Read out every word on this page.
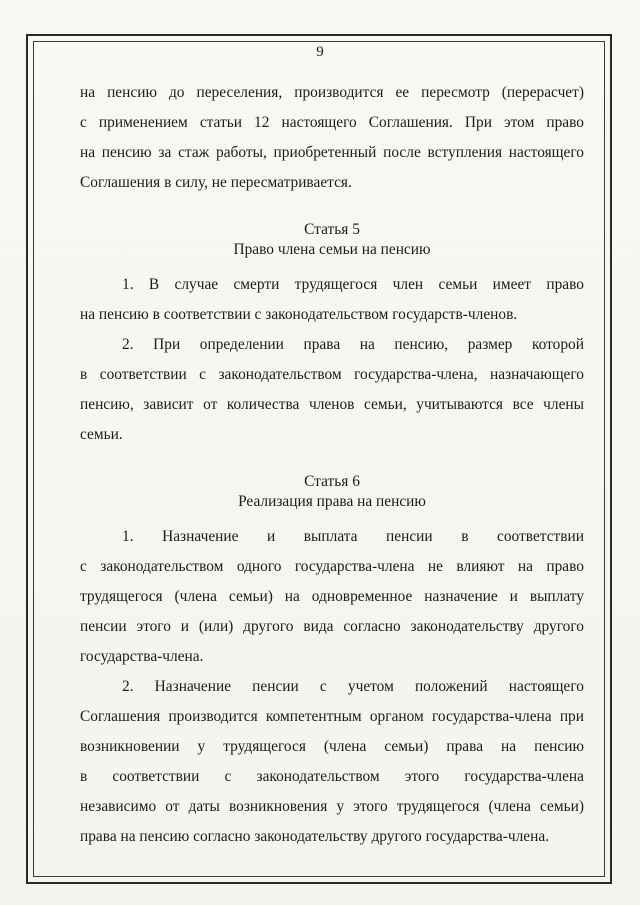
9
на пенсию до переселения, производится ее пересмотр (перерасчет)
с применением статьи 12 настоящего Соглашения. При этом право
на пенсию за стаж работы, приобретенный после вступления настоящего
Соглашения в силу, не пересматривается.
Статья 5
Право члена семьи на пенсию
1. В случае смерти трудящегося член семьи имеет право
на пенсию в соответствии с законодательством государств-членов.
2. При определении права на пенсию, размер которой
в соответствии с законодательством государства-члена, назначающего
пенсию, зависит от количества членов семьи, учитываются все члены
семьи.
Статья 6
Реализация права на пенсию
1. Назначение и выплата пенсии в соответствии
с законодательством одного государства-члена не влияют на право
трудящегося (члена семьи) на одновременное назначение и выплату
пенсии этого и (или) другого вида согласно законодательству другого
государства-члена.
2. Назначение пенсии с учетом положений настоящего
Соглашения производится компетентным органом государства-члена при
возникновении у трудящегося (члена семьи) права на пенсию
в соответствии с законодательством этого государства-члена
независимо от даты возникновения у этого трудящегося (члена семьи)
права на пенсию согласно законодательству другого государства-члена.
